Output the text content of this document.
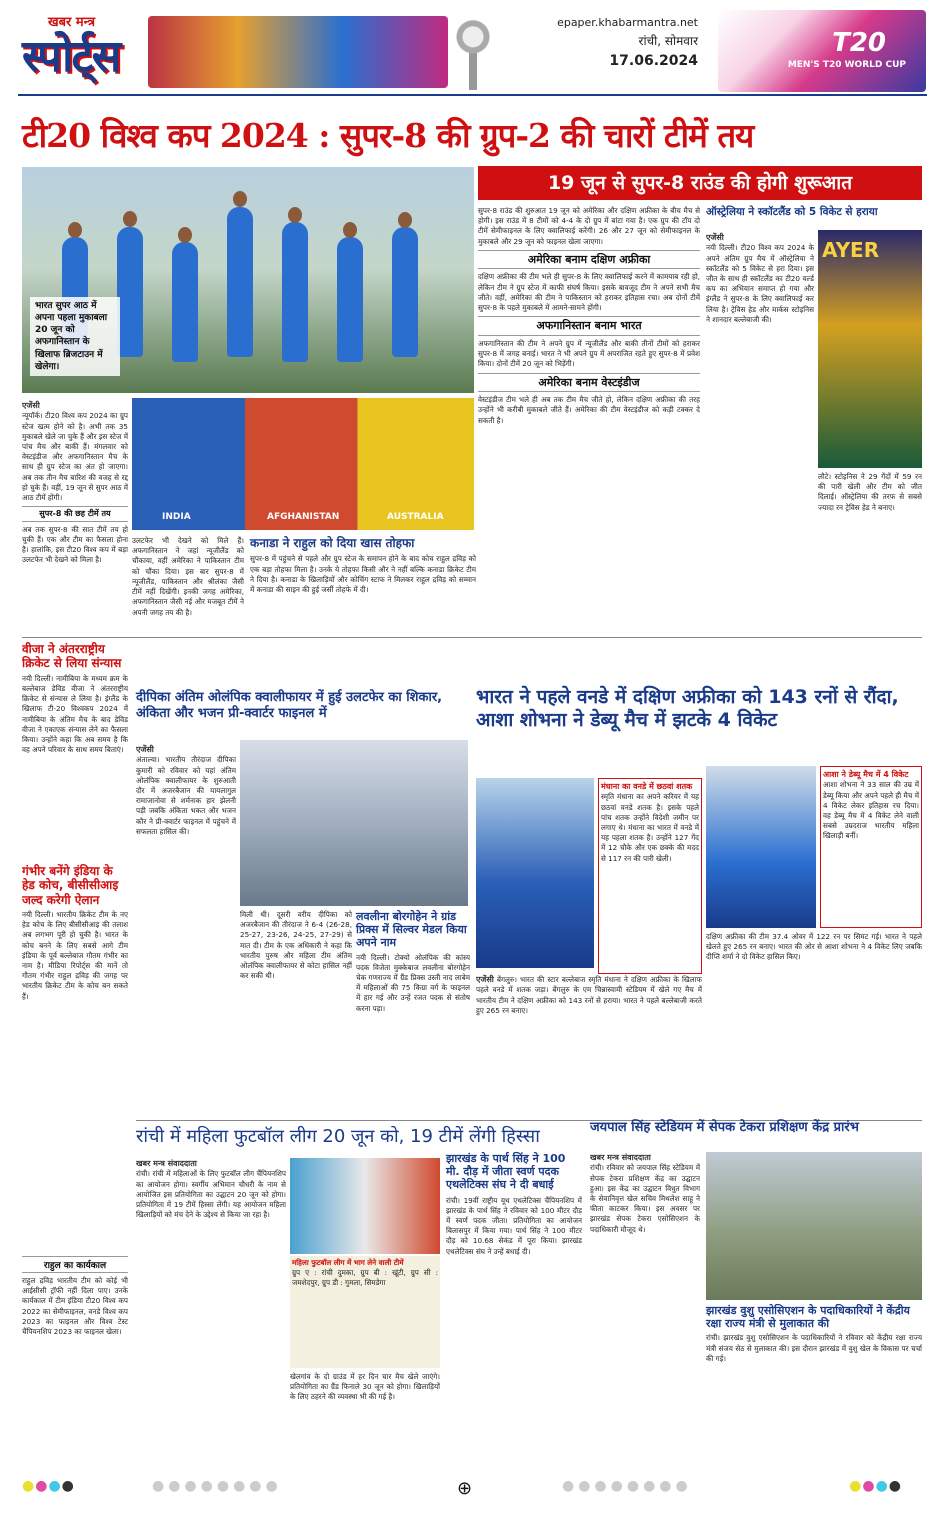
खबर मन्त्र
स्पोर्ट्स
epaper.khabarmantra.net
रांची, सोमवार
17.06.2024
T20
MEN'S T20 WORLD CUP
टी20 विश्व कप 2024 : सुपर-8 की ग्रुप-2 की चारों टीमें तय
भारत सुपर आठ में अपना पहला मुकाबला 20 जून को अफगानिस्तान के खिलाफ ब्रिजटाउन में खेलेगा।
19 जून से सुपर-8 राउंड की होगी शुरूआत
एजेंसी
न्यूयॉर्क। टी20 विश्व कप 2024 का ग्रुप स्टेज खत्म होने को है। अभी तक 35 मुकाबले खेले जा चुके हैं और इस स्टेज में पांच मैच और बाकी हैं। मंगलवार को वेस्टइंडीज और अफगानिस्तान मैच के साथ ही ग्रुप स्टेज का अंत हो जाएगा। अब तक तीन मैच बारिश की वजह से रद्द हो चुके हैं। वहीं, 19 जून से सुपर आठ में आठ टीमें होंगी।
सुपर-8 की छह टीमें तय
अब तक सुपर-8 की सात टीमें तय हो चुकी हैं। एक और टीम का फैसला होना है। हालांकि, इस टी20 विश्व कप में बड़ा उलटफेर भी देखने को मिला है।
INDIA	AFGHANISTAN	AUSTRALIA
उलटफेर भी देखने को मिले हैं। अफगानिस्तान ने जहां न्यूजीलैंड को चौंकाया, वहीं अमेरिका ने पाकिस्तान टीम को चौंका दिया। इस बार सुपर-8 में न्यूजीलैंड, पाकिस्तान और श्रीलंका जैसी टीमें नहीं दिखेंगी। इनकी जगह अमेरिका, अफगानिस्तान जैसी नई और मजबूत टीमें ने अपनी जगह तय की है।
कनाडा ने राहुल को दिया खास तोहफा
सुपर-8 में पहुंचने से पहले और ग्रुप स्टेज के समापन होने के बाद कोच राहुल द्रविड़ को एक बड़ा तोहफा मिला है। उनके ये तोहफा किसी और ने नहीं बल्कि कनाडा क्रिकेट टीम ने दिया है। कनाडा के खिलाड़ियों और कोचिंग स्टाफ ने मिलकर राहुल द्रविड़ को सम्मान में कनाडा की साइन की हुई जर्सी तोहफे में दी।
सुपर-8 राउंड की शुरुआत 19 जून को अमेरिका और दक्षिण अफ्रीका के बीच मैच से होगी। इस राउंड में 8 टीमों को 4-4 के दो ग्रुप में बांटा गया है। एक ग्रुप की टॉप दो टीमें सेमीफाइनल के लिए क्वालिफाई करेंगी। 26 और 27 जून को सेमीफाइनल के मुकाबले और 29 जून को फाइनल खेला जाएगा।
अमेरिका बनाम दक्षिण अफ्रीका
दक्षिण अफ्रीका की टीम भले ही सुपर-8 के लिए क्वालिफाई करने में कामयाब रही हो, लेकिन टीम ने ग्रुप स्टेज में काफी संघर्ष किया। इसके बावजूद टीम ने अपने सभी मैच जीते। वहीं, अमेरिका की टीम ने पाकिस्तान को हराकर इतिहास रचा। अब दोनों टीमें सुपर-8 के पहले मुकाबले में आमने-सामने होंगी।
अफगानिस्तान बनाम भारत
अफगानिस्तान की टीम ने अपने ग्रुप में न्यूजीलैंड और बाकी तीनों टीमों को हराकर सुपर-8 में जगह बनाई। भारत ने भी अपने ग्रुप में अपराजित रहते हुए सुपर-8 में प्रवेश किया। दोनों टीमें 20 जून को भिड़ेंगी।
अमेरिका बनाम वेस्टइंडीज
वेस्टइंडीज टीम भले ही अब तक टीम मैच जीते हो, लेकिन दक्षिण अफ्रीका की तरह उन्होंने भी करीबी मुकाबले जीते हैं। अमेरिका की टीम वेस्टइंडीज को कड़ी टक्कर दे सकती है।
ऑस्ट्रेलिया ने स्कॉटलैंड को 5 विकेट से हराया
एजेंसी
नयी दिल्ली। टी20 विश्व कप 2024 के अपने अंतिम ग्रुप मैच में ऑस्ट्रेलिया ने स्कॉटलैंड को 5 विकेट से हरा दिया। इस जीत के साथ ही स्कॉटलैंड का टी20 वर्ल्ड कप का अभियान समाप्त हो गया और इंग्लैंड ने सुपर-8 के लिए क्वालिफाई कर लिया है। ट्रेविस हेड और मार्कस स्टोइनिस ने शानदार बल्लेबाजी की।
AYER
लौटे। स्टोइनिस ने 29 गेंदों में 59 रन की पारी खेली और टीम को जीत दिलाई। ऑस्ट्रेलिया की तरफ से सबसे ज्यादा रन ट्रेविस हेड ने बनाए।
वीजा ने अंतरराष्ट्रीय क्रिकेट से लिया संन्यास
नयी दिल्ली। नामीबिया के मध्यम क्रम के बल्लेबाज डेविड वीजा ने अंतरराष्ट्रीय क्रिकेट से संन्यास ले लिया है। इंग्लैंड के खिलाफ टी-20 विश्वकप 2024 में नामीबिया के अंतिम मैच के बाद डेविड वीजा ने एकाएक संन्यास लेने का फैसला किया। उन्होंने कहा कि अब समय है कि वह अपने परिवार के साथ समय बिताएं।
गंभीर बनेंगे इंडिया के हेड कोच, बीसीसीआइ जल्द करेगी ऐलान
नयी दिल्ली। भारतीय क्रिकेट टीम के नए हेड कोच के लिए बीसीसीआइ की तलाश अब लगभग पूरी हो चुकी है। भारत के कोच बनने के लिए सबसे आगे टीम इंडिया के पूर्व बल्लेबाज गौतम गंभीर का नाम है। मीडिया रिपोर्ट्स की मानें तो गौतम गंभीर राहुल द्रविड़ की जगह पर भारतीय क्रिकेट टीम के कोच बन सकते हैं।
राहुल का कार्यकाल
राहुल द्रविड़ भारतीय टीम को कोई भी आईसीसी ट्रॉफी नहीं दिला पाए। उनके कार्यकाल में टीम इंडिया टी20 विश्व कप 2022 का सेमीफाइनल, वनडे विश्व कप 2023 का फाइनल और विश्व टेस्ट चैंपियनशिप 2023 का फाइनल खेला।
दीपिका अंतिम ओलंपिक क्वालीफायर में हुई उलटफेर का शिकार, अंकिता और भजन प्री-क्वार्टर फाइनल में
एजेंसी
अंताल्या। भारतीय तीरंदाज दीपिका कुमारी को रविवार को यहां अंतिम ओलंपिक क्वालीफायर के शुरुआती दौर में अजरबैजान की यायलागुल रामाजानोवा से शर्मनाक हार झेलनी पड़ी जबकि अंकिता भकत और भजन कौर ने प्री-क्वार्टर फाइनल में पहुंचने में सफलता हासिल की।
मिली थी। दूसरी वरीय दीपिका को अजरबैजान की तीरंदाज ने 6-4 (26-28, 25-27, 23-26, 24-25, 27-29) से मात दी। टीम के एक अधिकारी ने कहा कि भारतीय पुरुष और महिला टीम अंतिम ओलंपिक क्वालीफायर से कोटा हासिल नहीं कर सकी थी।
लवलीना बोरगोहेन ने ग्रांड प्रिक्स में सिल्वर मेडल किया अपने नाम
नयी दिल्ली। टोक्यो ओलंपिक की कांस्य पदक विजेता मुक्केबाज लवलीना बोरगोहेन चेक गणराज्य में ग्रैंड प्रिक्स उस्ती नाद लाबेम में महिलाओं की 75 किग्रा वर्ग के फाइनल में हार गई और उन्हें रजत पदक से संतोष करना पड़ा।
भारत ने पहले वनडे में दक्षिण अफ्रीका को 143 रनों से रौंदा, आशा शोभना ने डेब्यू मैच में झटके 4 विकेट
मंधाना का वनडे में छठवां शतक
स्मृति मंधाना का अपने करियर में यह छठवां वनडे शतक है। इसके पहले पांच शतक उन्होंने विदेशी जमीन पर लगाए थे। मंधाना का भारत में वनडे में यह पहला शतक है। उन्होंने 127 गेंद में 12 चौके और एक छक्के की मदद से 117 रन की पारी खेली।
आशा ने डेब्यू मैच में 4 विकेट
आशा शोभना ने 33 साल की उम्र में डेब्यू किया और अपने पहले ही मैच में 4 विकेट लेकर इतिहास रच दिया। वह डेब्यू मैच में 4 विकेट लेने वाली सबसे उम्रदराज भारतीय महिला खिलाड़ी बनीं।
एजेंसी बेंगलुरु। भारत की स्टार बल्लेबाज स्मृति मंधाना ने दक्षिण अफ्रीका के खिलाफ पहले वनडे में शतक जड़ा। बेंगलुरु के एम चिन्नास्वामी स्टेडियम में खेले गए मैच में भारतीय टीम ने दक्षिण अफ्रीका को 143 रनों से हराया। भारत ने पहले बल्लेबाजी करते हुए 265 रन बनाए।
दक्षिण अफ्रीका की टीम 37.4 ओवर में 122 रन पर सिमट गई। भारत ने पहले खेलते हुए 265 रन बनाए। भारत की ओर से आशा शोभना ने 4 विकेट लिए जबकि दीप्ति शर्मा ने दो विकेट हासिल किए।
रांची में महिला फुटबॉल लीग 20 जून को, 19 टीमें लेंगी हिस्सा
खबर मन्त्र संवाददाता
रांची। रांची में महिलाओं के लिए फुटबॉल लीग चैंपियनशिप का आयोजन होगा। स्वर्गीय अभिमान चौधरी के नाम से आयोजित इस प्रतियोगिता का उद्घाटन 20 जून को होगा। प्रतियोगिता में 19 टीमें हिस्सा लेंगी। यह आयोजन महिला खिलाड़ियों को मंच देने के उद्देश्य से किया जा रहा है।
महिला फुटबॉल लीग में भाग लेने वाली टीमें
ग्रुप ए : रांची दुमका, ग्रुप बी : खूंटी, ग्रुप सी : जमशेदपुर, ग्रुप डी : गुमला, सिमडेगा
खेलगांव के दो ग्राउंड में हर दिन चार मैच खेले जाएंगे। प्रतियोगिता का ग्रैंड फिनाले 30 जून को होगा। खिलाड़ियों के लिए ठहरने की व्यवस्था भी की गई है।
झारखंड के पार्थ सिंह ने 100 मी. दौड़ में जीता स्वर्ण पदक एथलेटिक्स संघ ने दी बधाई
रांची। 19वीं राष्ट्रीय यूथ एथलेटिक्स चैंपियनशिप में झारखंड के पार्थ सिंह ने रविवार को 100 मीटर दौड़ में स्वर्ण पदक जीता। प्रतियोगिता का आयोजन बिलासपुर में किया गया। पार्थ सिंह ने 100 मीटर दौड़ को 10.68 सेकंड में पूरा किया। झारखंड एथलेटिक्स संघ ने उन्हें बधाई दी।
जयपाल सिंह स्टेडियम में सेपक टेकरा प्रशिक्षण केंद्र प्रारंभ
खबर मन्त्र संवाददाता
रांची। रविवार को जयपाल सिंह स्टेडियम में सेपक टेकरा प्रशिक्षण केंद्र का उद्घाटन हुआ। इस केंद्र का उद्घाटन विधुत विभाग के सेवानिवृत्त खेल सचिव मिथलेश साहू ने फीता काटकर किया। इस अवसर पर झारखंड सेपक टेकरा एसोसिएशन के पदाधिकारी मौजूद थे।
झारखंड वुशु एसोसिएशन के पदाधिकारियों ने केंद्रीय रक्षा राज्य मंत्री से मुलाकात की
रांची। झारखंड वुशु एसोसिएशन के पदाधिकारियों ने रविवार को केंद्रीय रक्षा राज्य मंत्री संजय सेठ से मुलाकात की। इस दौरान झारखंड में वुशु खेल के विकास पर चर्चा की गई।
●●●●	●●●●●●●●	⊕	●●●●●●●●	●●●●
